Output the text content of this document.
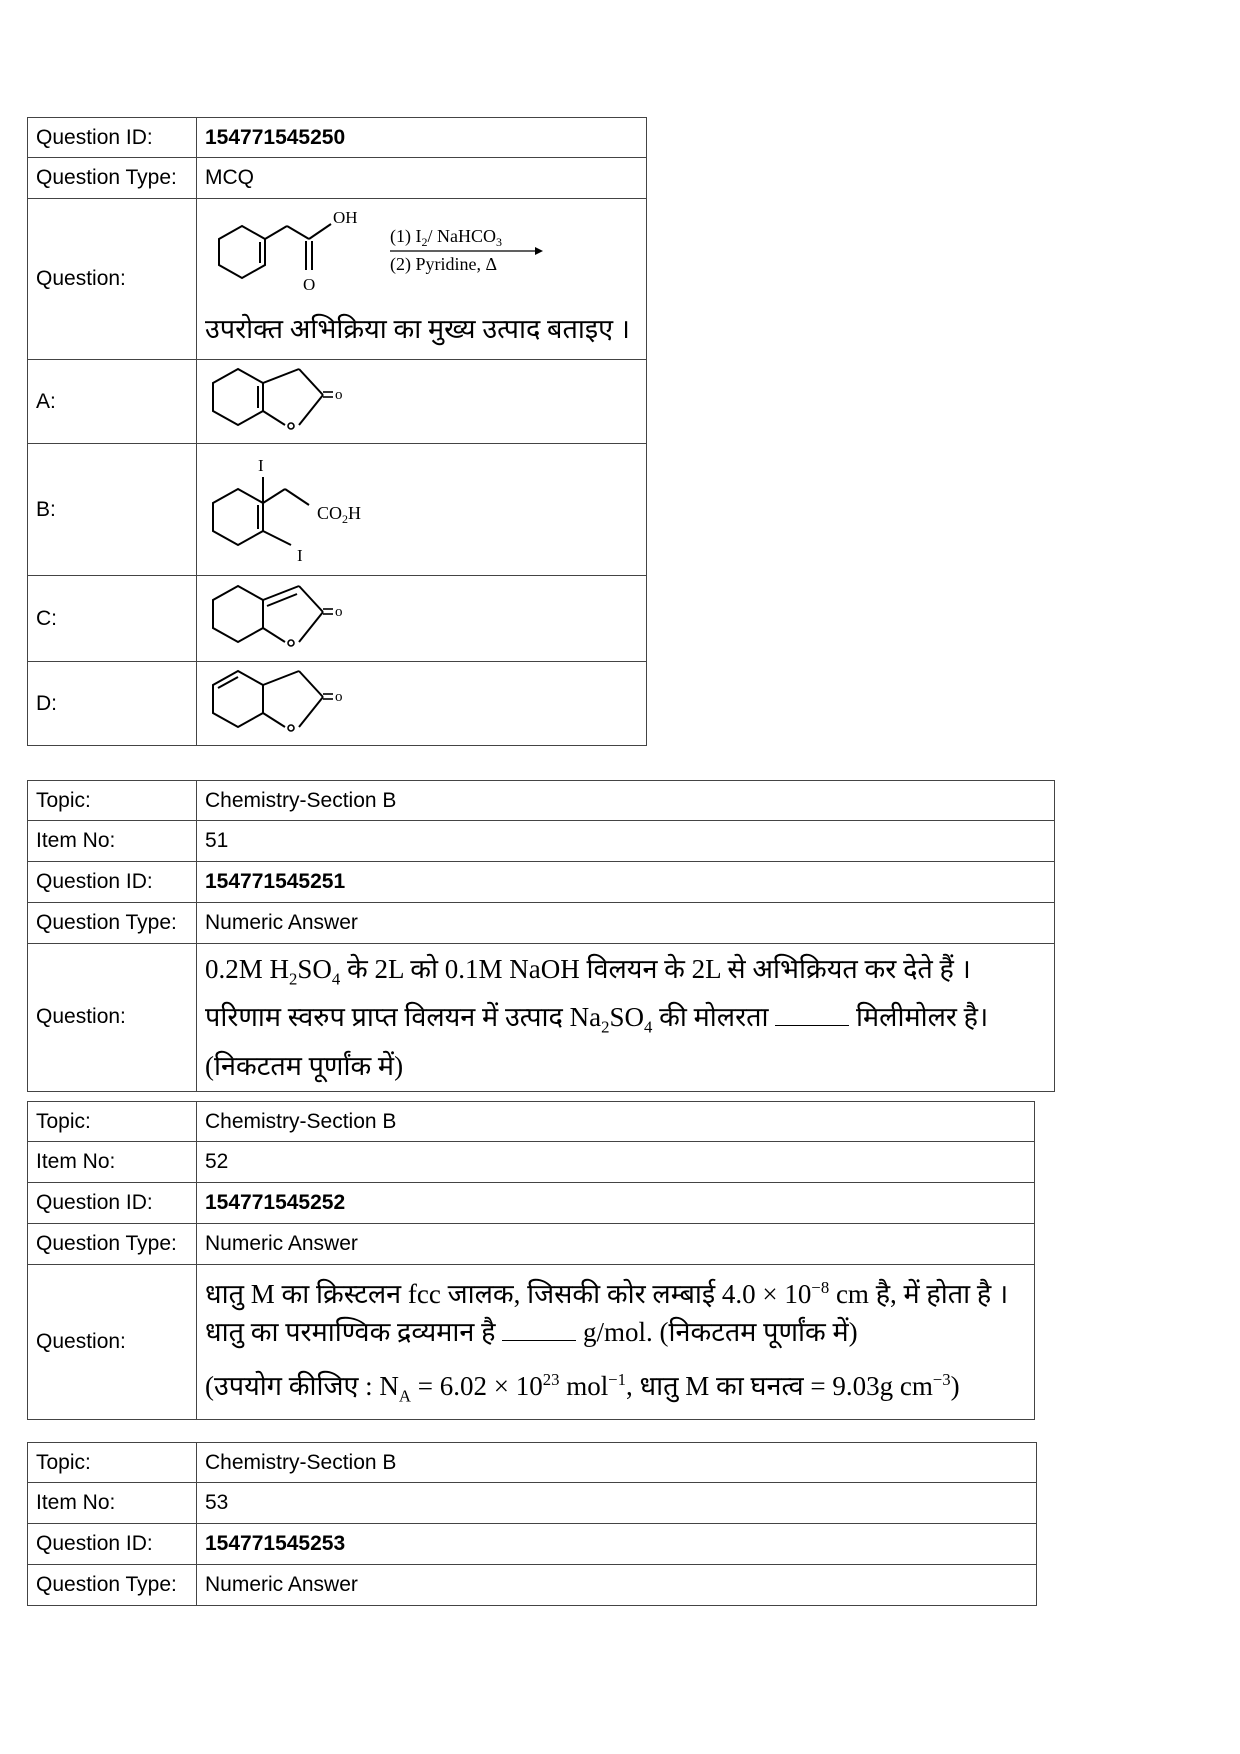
Question ID:	154771545250
Question Type:	MCQ
Question:	OH
O
(1) $I_2/$ NaHCO$_3$
(2) Pyridine, Δ
उपरोक्त अभिक्रिया का मुख्य उत्पाद बताइए ।

A:	o

B:	I
I
$CO_2H$

C:	o

D:	o
Topic:	Chemistry-Section B
Item No:	51
Question ID:	154771545251
Question Type:	Numeric Answer
Question:	0.2M $H_2SO_4$ के 2L को 0.1M NaOH विलयन के 2L से अभिक्रियत कर देते हैं । परिणाम स्वरुप प्राप्त विलयन में उत्पाद $Na_2SO_4$ की मोलरता मिलीमोलर है। (निकटतम पूर्णांक में)
Topic:	Chemistry-Section B
Item No:	52
Question ID:	154771545252
Question Type:	Numeric Answer
Question:	धातु M का क्रिस्टलन fcc जालक, जिसकी कोर लम्बाई $4.0 \times 10^{-8}$ cm है, में होता है । धातु का परमाण्विक द्रव्यमान है g/mol. (निकटतम पूर्णांक में)
(उपयोग कीजिए : $N_A = 6.02 \times 10^{23}$ mol$^{-1}$, धातु M का घनत्व = 9.03g $cm^{-3}$)
Topic:	Chemistry-Section B
Item No:	53
Question ID:	154771545253
Question Type:	Numeric Answer
